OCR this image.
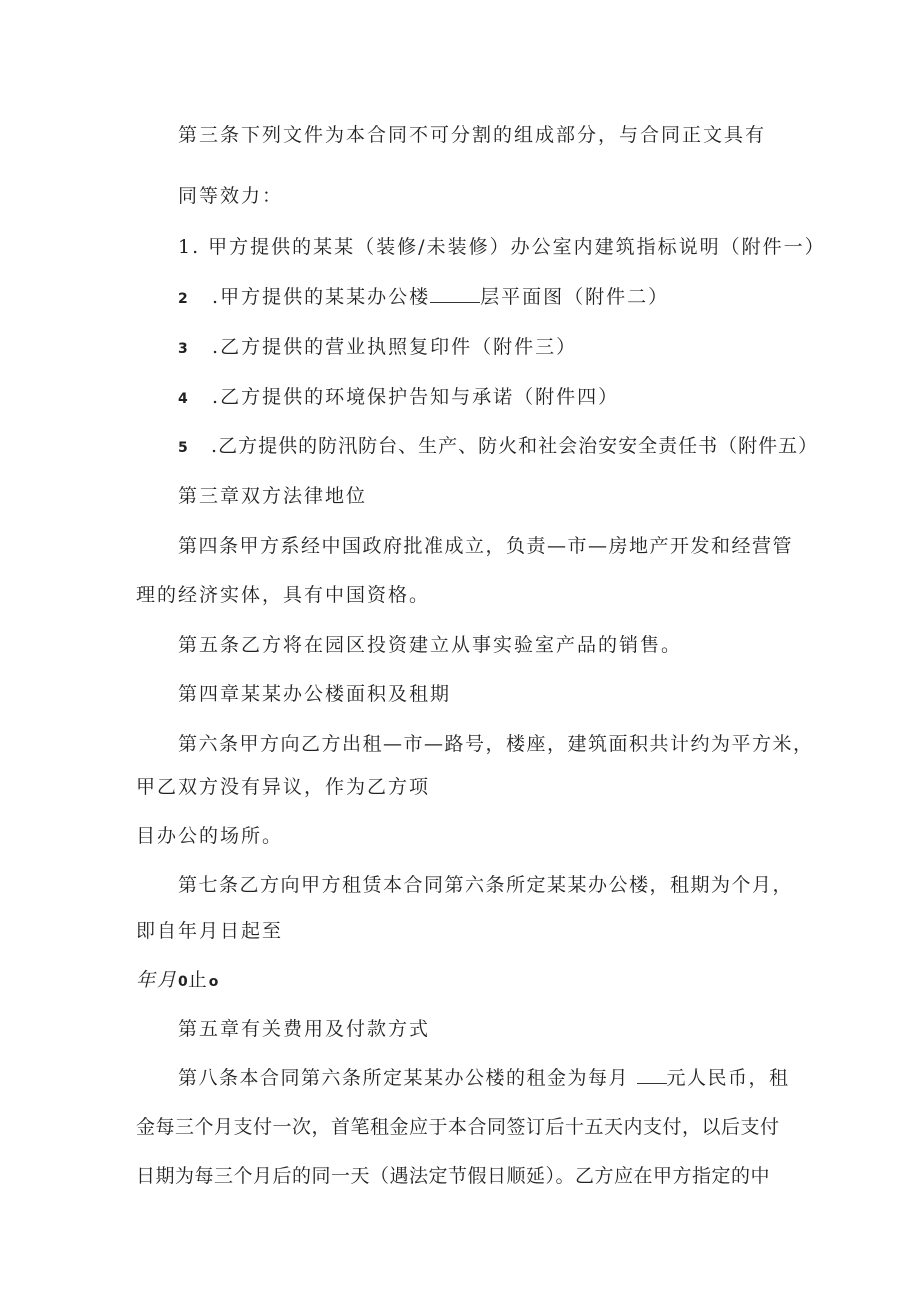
第三条下列文件为本合同不可分割的组成部分，与合同正文具有
同等效力：
1. 甲方提供的某某（装修/未装修）办公室内建筑指标说明（附件一）
2 .甲方提供的某某办公楼	层平面图（附件二）
3 .乙方提供的营业执照复印件（附件三）
4 .乙方提供的环境保护告知与承诺（附件四）
5 .乙方提供的防汛防台、生产、防火和社会治安安全责任书（附件五）
第三章双方法律地位
第四条甲方系经中国政府批准成立，负责—市—房地产开发和经营管
理的经济实体，具有中国资格。
第五条乙方将在园区投资建立从事实验室产品的销售。
第四章某某办公楼面积及租期
第六条甲方向乙方出租—市—路号，楼座，建筑面积共计约为平方米，
甲乙双方没有异议，作为乙方项
目办公的场所。
第七条乙方向甲方租赁本合同第六条所定某某办公楼，租期为个月，
即自年月日起至
年月0止o
第五章有关费用及付款方式
第八条本合同第六条所定某某办公楼的租金为每月 元人民币，租
金每三个月支付一次，首笔租金应于本合同签订后十五天内支付，以后支付
日期为每三个月后的同一天（遇法定节假日顺延）。乙方应在甲方指定的中
